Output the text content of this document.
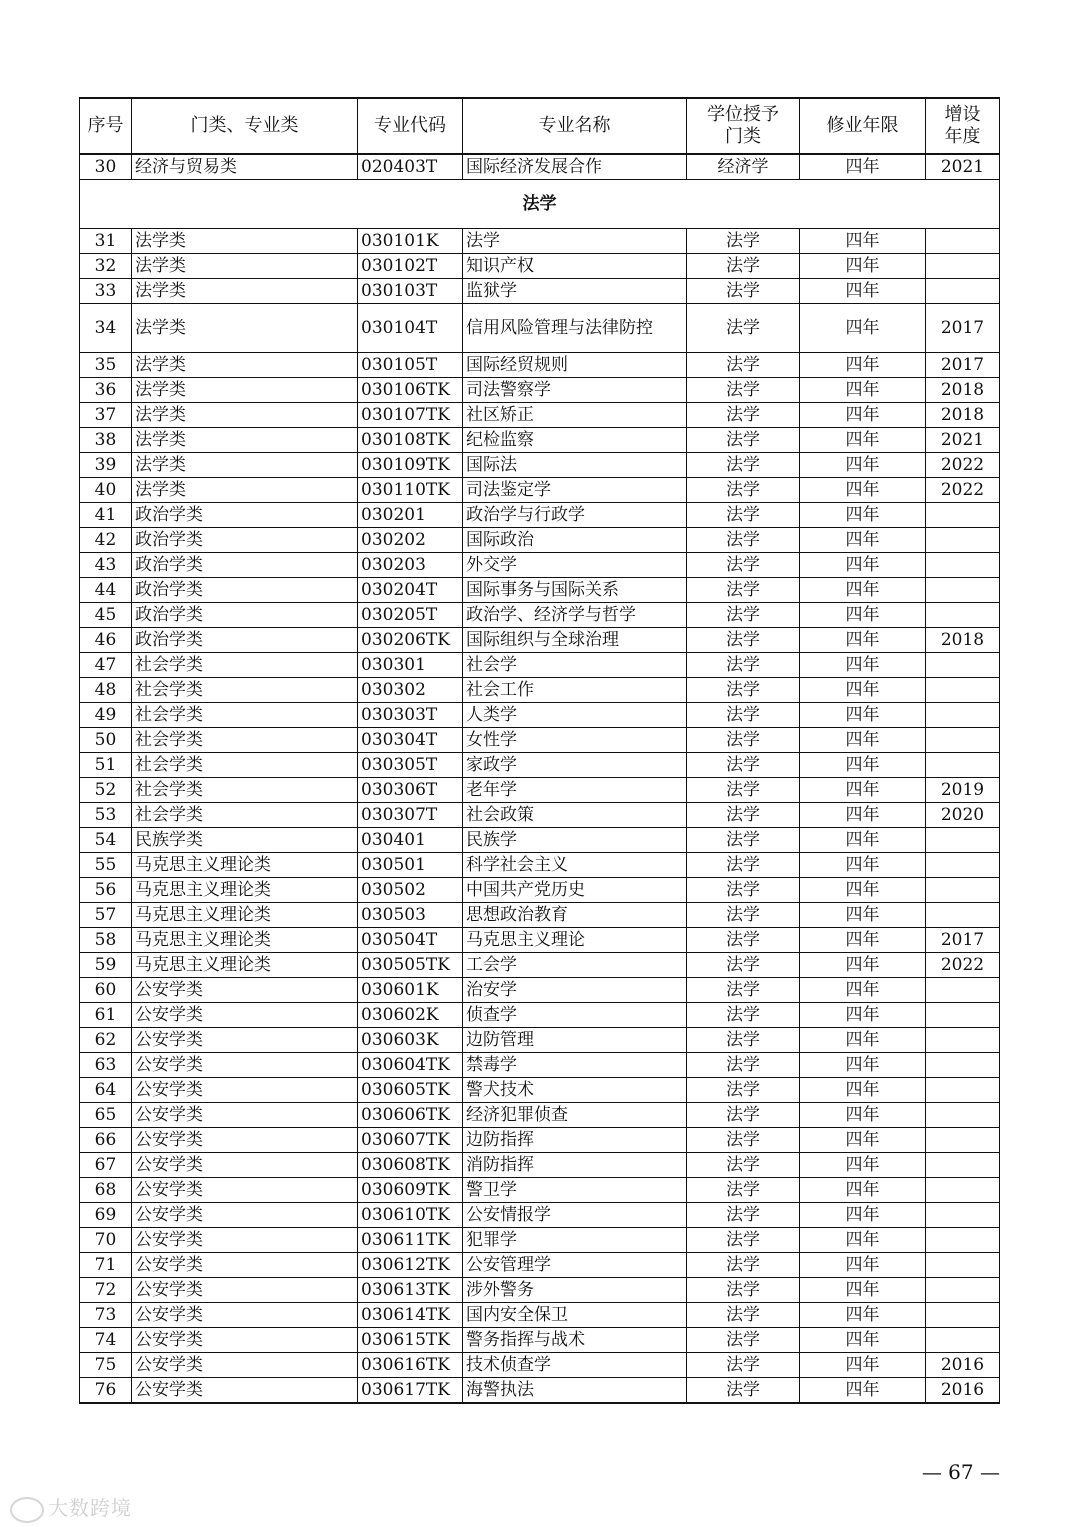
序号	门类、专业类	专业代码	专业名称	学位授予门类	修业年限	增设年度
30	经济与贸易类	020403T	国际经济发展合作	经济学	四年	2021
法学						
31	法学类	030101K	法学	法学	四年	
32	法学类	030102T	知识产权	法学	四年	
33	法学类	030103T	监狱学	法学	四年	
34	法学类	030104T	信用风险管理与法律防控	法学	四年	2017
35	法学类	030105T	国际经贸规则	法学	四年	2017
36	法学类	030106TK	司法警察学	法学	四年	2018
37	法学类	030107TK	社区矫正	法学	四年	2018
38	法学类	030108TK	纪检监察	法学	四年	2021
39	法学类	030109TK	国际法	法学	四年	2022
40	法学类	030110TK	司法鉴定学	法学	四年	2022
41	政治学类	030201	政治学与行政学	法学	四年	
42	政治学类	030202	国际政治	法学	四年	
43	政治学类	030203	外交学	法学	四年	
44	政治学类	030204T	国际事务与国际关系	法学	四年	
45	政治学类	030205T	政治学、经济学与哲学	法学	四年	
46	政治学类	030206TK	国际组织与全球治理	法学	四年	2018
47	社会学类	030301	社会学	法学	四年	
48	社会学类	030302	社会工作	法学	四年	
49	社会学类	030303T	人类学	法学	四年	
50	社会学类	030304T	女性学	法学	四年	
51	社会学类	030305T	家政学	法学	四年	
52	社会学类	030306T	老年学	法学	四年	2019
53	社会学类	030307T	社会政策	法学	四年	2020
54	民族学类	030401	民族学	法学	四年	
55	马克思主义理论类	030501	科学社会主义	法学	四年	
56	马克思主义理论类	030502	中国共产党历史	法学	四年	
57	马克思主义理论类	030503	思想政治教育	法学	四年	
58	马克思主义理论类	030504T	马克思主义理论	法学	四年	2017
59	马克思主义理论类	030505TK	工会学	法学	四年	2022
60	公安学类	030601K	治安学	法学	四年	
61	公安学类	030602K	侦查学	法学	四年	
62	公安学类	030603K	边防管理	法学	四年	
63	公安学类	030604TK	禁毒学	法学	四年	
64	公安学类	030605TK	警犬技术	法学	四年	
65	公安学类	030606TK	经济犯罪侦查	法学	四年	
66	公安学类	030607TK	边防指挥	法学	四年	
67	公安学类	030608TK	消防指挥	法学	四年	
68	公安学类	030609TK	警卫学	法学	四年	
69	公安学类	030610TK	公安情报学	法学	四年	
70	公安学类	030611TK	犯罪学	法学	四年	
71	公安学类	030612TK	公安管理学	法学	四年	
72	公安学类	030613TK	涉外警务	法学	四年	
73	公安学类	030614TK	国内安全保卫	法学	四年	
74	公安学类	030615TK	警务指挥与战术	法学	四年	
75	公安学类	030616TK	技术侦查学	法学	四年	2016
76	公安学类	030617TK	海警执法	法学	四年	2016
— 67 —
大数跨境
